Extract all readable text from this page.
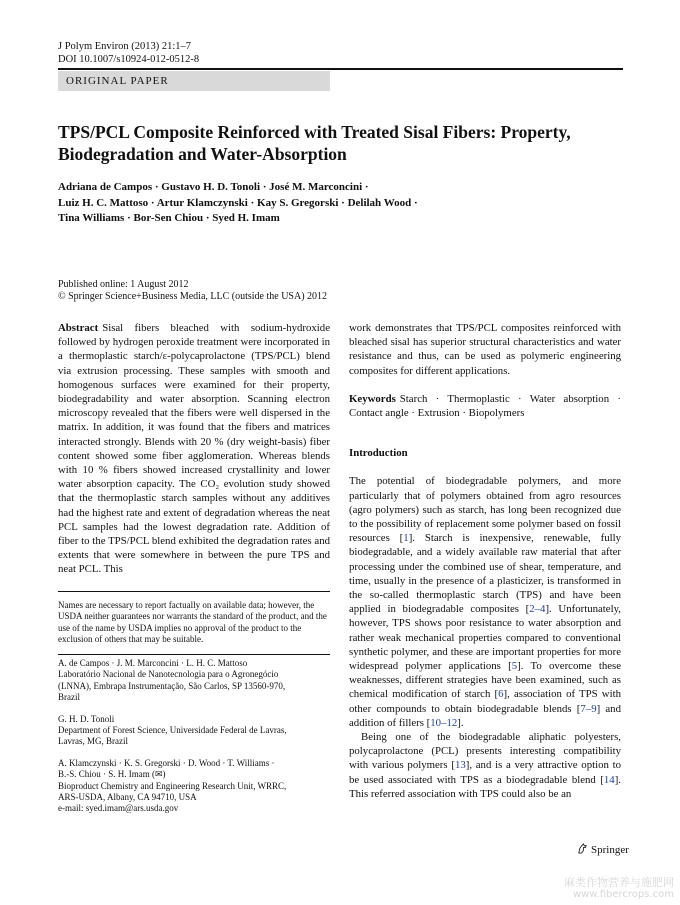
J Polym Environ (2013) 21:1–7
DOI 10.1007/s10924-012-0512-8
ORIGINAL PAPER
TPS/PCL Composite Reinforced with Treated Sisal Fibers: Property, Biodegradation and Water-Absorption
Adriana de Campos · Gustavo H. D. Tonoli · José M. Marconcini ·
Luiz H. C. Mattoso · Artur Klamczynski · Kay S. Gregorski · Delilah Wood ·
Tina Williams · Bor-Sen Chiou · Syed H. Imam
Published online: 1 August 2012
© Springer Science+Business Media, LLC (outside the USA) 2012

Abstract Sisal fibers bleached with sodium-hydroxide followed by hydrogen peroxide treatment were incorporated in a thermoplastic starch/ε-polycaprolactone (TPS/PCL) blend via extrusion processing. These samples with smooth and homogenous surfaces were examined for their property, biodegradability and water absorption. Scanning electron microscopy revealed that the fibers were well dispersed in the matrix. In addition, it was found that the fibers and matrices interacted strongly. Blends with 20 % (dry weight-basis) fiber content showed some fiber agglomeration. Whereas blends with 10 % fibers showed increased crystallinity and lower water absorption capacity. The CO₂ evolution study showed that the thermoplastic starch samples without any additives had the highest rate and extent of degradation whereas the neat PCL samples had the lowest degradation rate. Addition of fiber to the TPS/PCL blend exhibited the degradation rates and extents that were somewhere in between the pure TPS and neat PCL. This

Names are necessary to report factually on available data; however, the USDA neither guarantees nor warrants the standard of the product, and the use of the name by USDA implies no approval of the product to the exclusion of others that may be suitable.

A. de Campos · J. M. Marconcini · L. H. C. Mattoso
Laboratório Nacional de Nanotecnologia para o Agronegócio
(LNNA), Embrapa Instrumentação, São Carlos, SP 13560-970,
Brazil

G. H. D. Tonoli
Department of Forest Science, Universidade Federal de Lavras,
Lavras, MG, Brazil

A. Klamczynski · K. S. Gregorski · D. Wood · T. Williams ·
B.-S. Chiou · S. H. Imam (✉)
Bioproduct Chemistry and Engineering Research Unit, WRRC,
ARS-USDA, Albany, CA 94710, USA
e-mail: syed.imam@ars.usda.gov

work demonstrates that TPS/PCL composites reinforced with bleached sisal has superior structural characteristics and water resistance and thus, can be used as polymeric engineering composites for different applications.

Keywords Starch · Thermoplastic · Water absorption · Contact angle · Extrusion · Biopolymers

Introduction

The potential of biodegradable polymers, and more particularly that of polymers obtained from agro resources (agro polymers) such as starch, has long been recognized due to the possibility of replacement some polymer based on fossil resources [1]. Starch is inexpensive, renewable, fully biodegradable, and a widely available raw material that after processing under the combined use of shear, temperature, and time, usually in the presence of a plasticizer, is transformed in the so-called thermoplastic starch (TPS) and have been applied in biodegradable composites [2–4]. Unfortunately, however, TPS shows poor resistance to water absorption and rather weak mechanical properties compared to conventional synthetic polymer, and these are important properties for more widespread polymer applications [5]. To overcome these weaknesses, different strategies have been examined, such as chemical modification of starch [6], association of TPS with other compounds to obtain biodegradable blends [7–9] and addition of fillers [10–12].

Being one of the biodegradable aliphatic polyesters, polycaprolactone (PCL) presents interesting compatibility with various polymers [13], and is a very attractive option to be used associated with TPS as a biodegradable blend [14]. This referred association with TPS could also be an

Springer
麻类作物营养与施肥网
www.fibercrops.com
